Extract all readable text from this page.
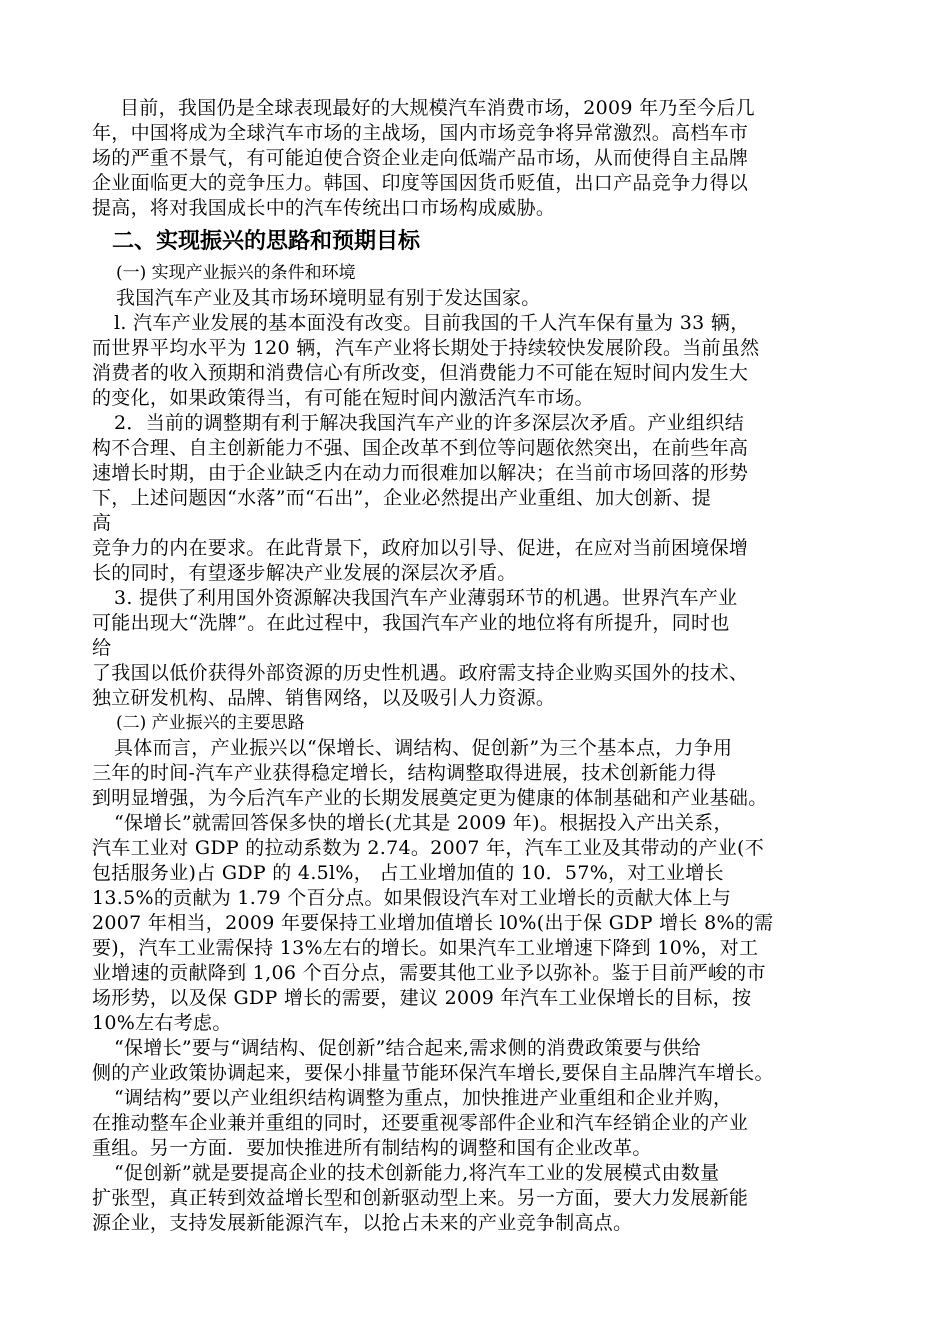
目前，我国仍是全球表现最好的大规模汽车消费市场，2009 年乃至今后几
年，中国将成为全球汽车市场的主战场，国内市场竞争将异常激烈。高档车市
场的严重不景气，有可能迫使合资企业走向低端产品市场，从而使得自主品牌
企业面临更大的竞争压力。韩国、印度等国因货币贬值，出口产品竞争力得以
提高，将对我国成长中的汽车传统出口市场构成威胁。
二、实现振兴的思路和预期目标
(一) 实现产业振兴的条件和环境
我国汽车产业及其市场环境明显有别于发达国家。
l. 汽车产业发展的基本面没有改变。目前我国的千人汽车保有量为 33 辆，
而世界平均水平为 120 辆，汽车产业将长期处于持续较快发展阶段。当前虽然
消费者的收入预期和消费信心有所改变，但消费能力不可能在短时间内发生大
的变化，如果政策得当，有可能在短时间内激活汽车市场。
2．当前的调整期有利于解决我国汽车产业的许多深层次矛盾。产业组织结
构不合理、自主创新能力不强、国企改革不到位等问题依然突出，在前些年高
速增长时期，由于企业缺乏内在动力而很难加以解决；在当前市场回落的形势
下，上述问题因“水落”而“石出”，企业必然提出产业重组、加大创新、提
高
竞争力的内在要求。在此背景下，政府加以引导、促进，在应对当前困境保增
长的同时，有望逐步解决产业发展的深层次矛盾。
3. 提供了利用国外资源解决我国汽车产业薄弱环节的机遇。世界汽车产业
可能出现大“洗牌”。在此过程中，我国汽车产业的地位将有所提升，同时也
给
了我国以低价获得外部资源的历史性机遇。政府需支持企业购买国外的技术、
独立研发机构、品牌、销售网络，以及吸引人力资源。
(二) 产业振兴的主要思路
具体而言，产业振兴以“保增长、调结构、促创新”为三个基本点，力争用
三年的时间-汽车产业获得稳定增长，结构调整取得进展，技术创新能力得
到明显增强，为今后汽车产业的长期发展奠定更为健康的体制基础和产业基础。
“保增长”就需回答保多快的增长(尤其是 2009 年)。根据投入产出关系，
汽车工业对 GDP 的拉动系数为 2.74。2007 年，汽车工业及其带动的产业(不
包括服务业)占 GDP 的 4.5l%， 占工业增加值的 10．57%，对工业增长
13.5%的贡献为 1.79 个百分点。如果假设汽车对工业增长的贡献大体上与
2007 年相当，2009 年要保持工业增加值增长 l0%(出于保 GDP 增长 8%的需
要)，汽车工业需保持 13%左右的增长。如果汽车工业增速下降到 10%，对工
业增速的贡献降到 1,06 个百分点，需要其他工业予以弥补。鉴于目前严峻的市
场形势，以及保 GDP 增长的需要，建议 2009 年汽车工业保增长的目标，按
10%左右考虑。
“保增长”要与“调结构、促创新”结合起来,需求侧的消费政策要与供给
侧的产业政策协调起来，要保小排量节能环保汽车增长,要保自主品牌汽车增长。
“调结构”要以产业组织结构调整为重点，加快推进产业重组和企业并购，
在推动整车企业兼并重组的同时，还要重视零部件企业和汽车经销企业的产业
重组。另一方面．要加快推进所有制结构的调整和国有企业改革。
“促创新”就是要提高企业的技术创新能力,将汽车工业的发展模式由数量
扩张型，真正转到效益增长型和创新驱动型上来。另一方面，要大力发展新能
源企业，支持发展新能源汽车，以抢占未来的产业竞争制高点。
